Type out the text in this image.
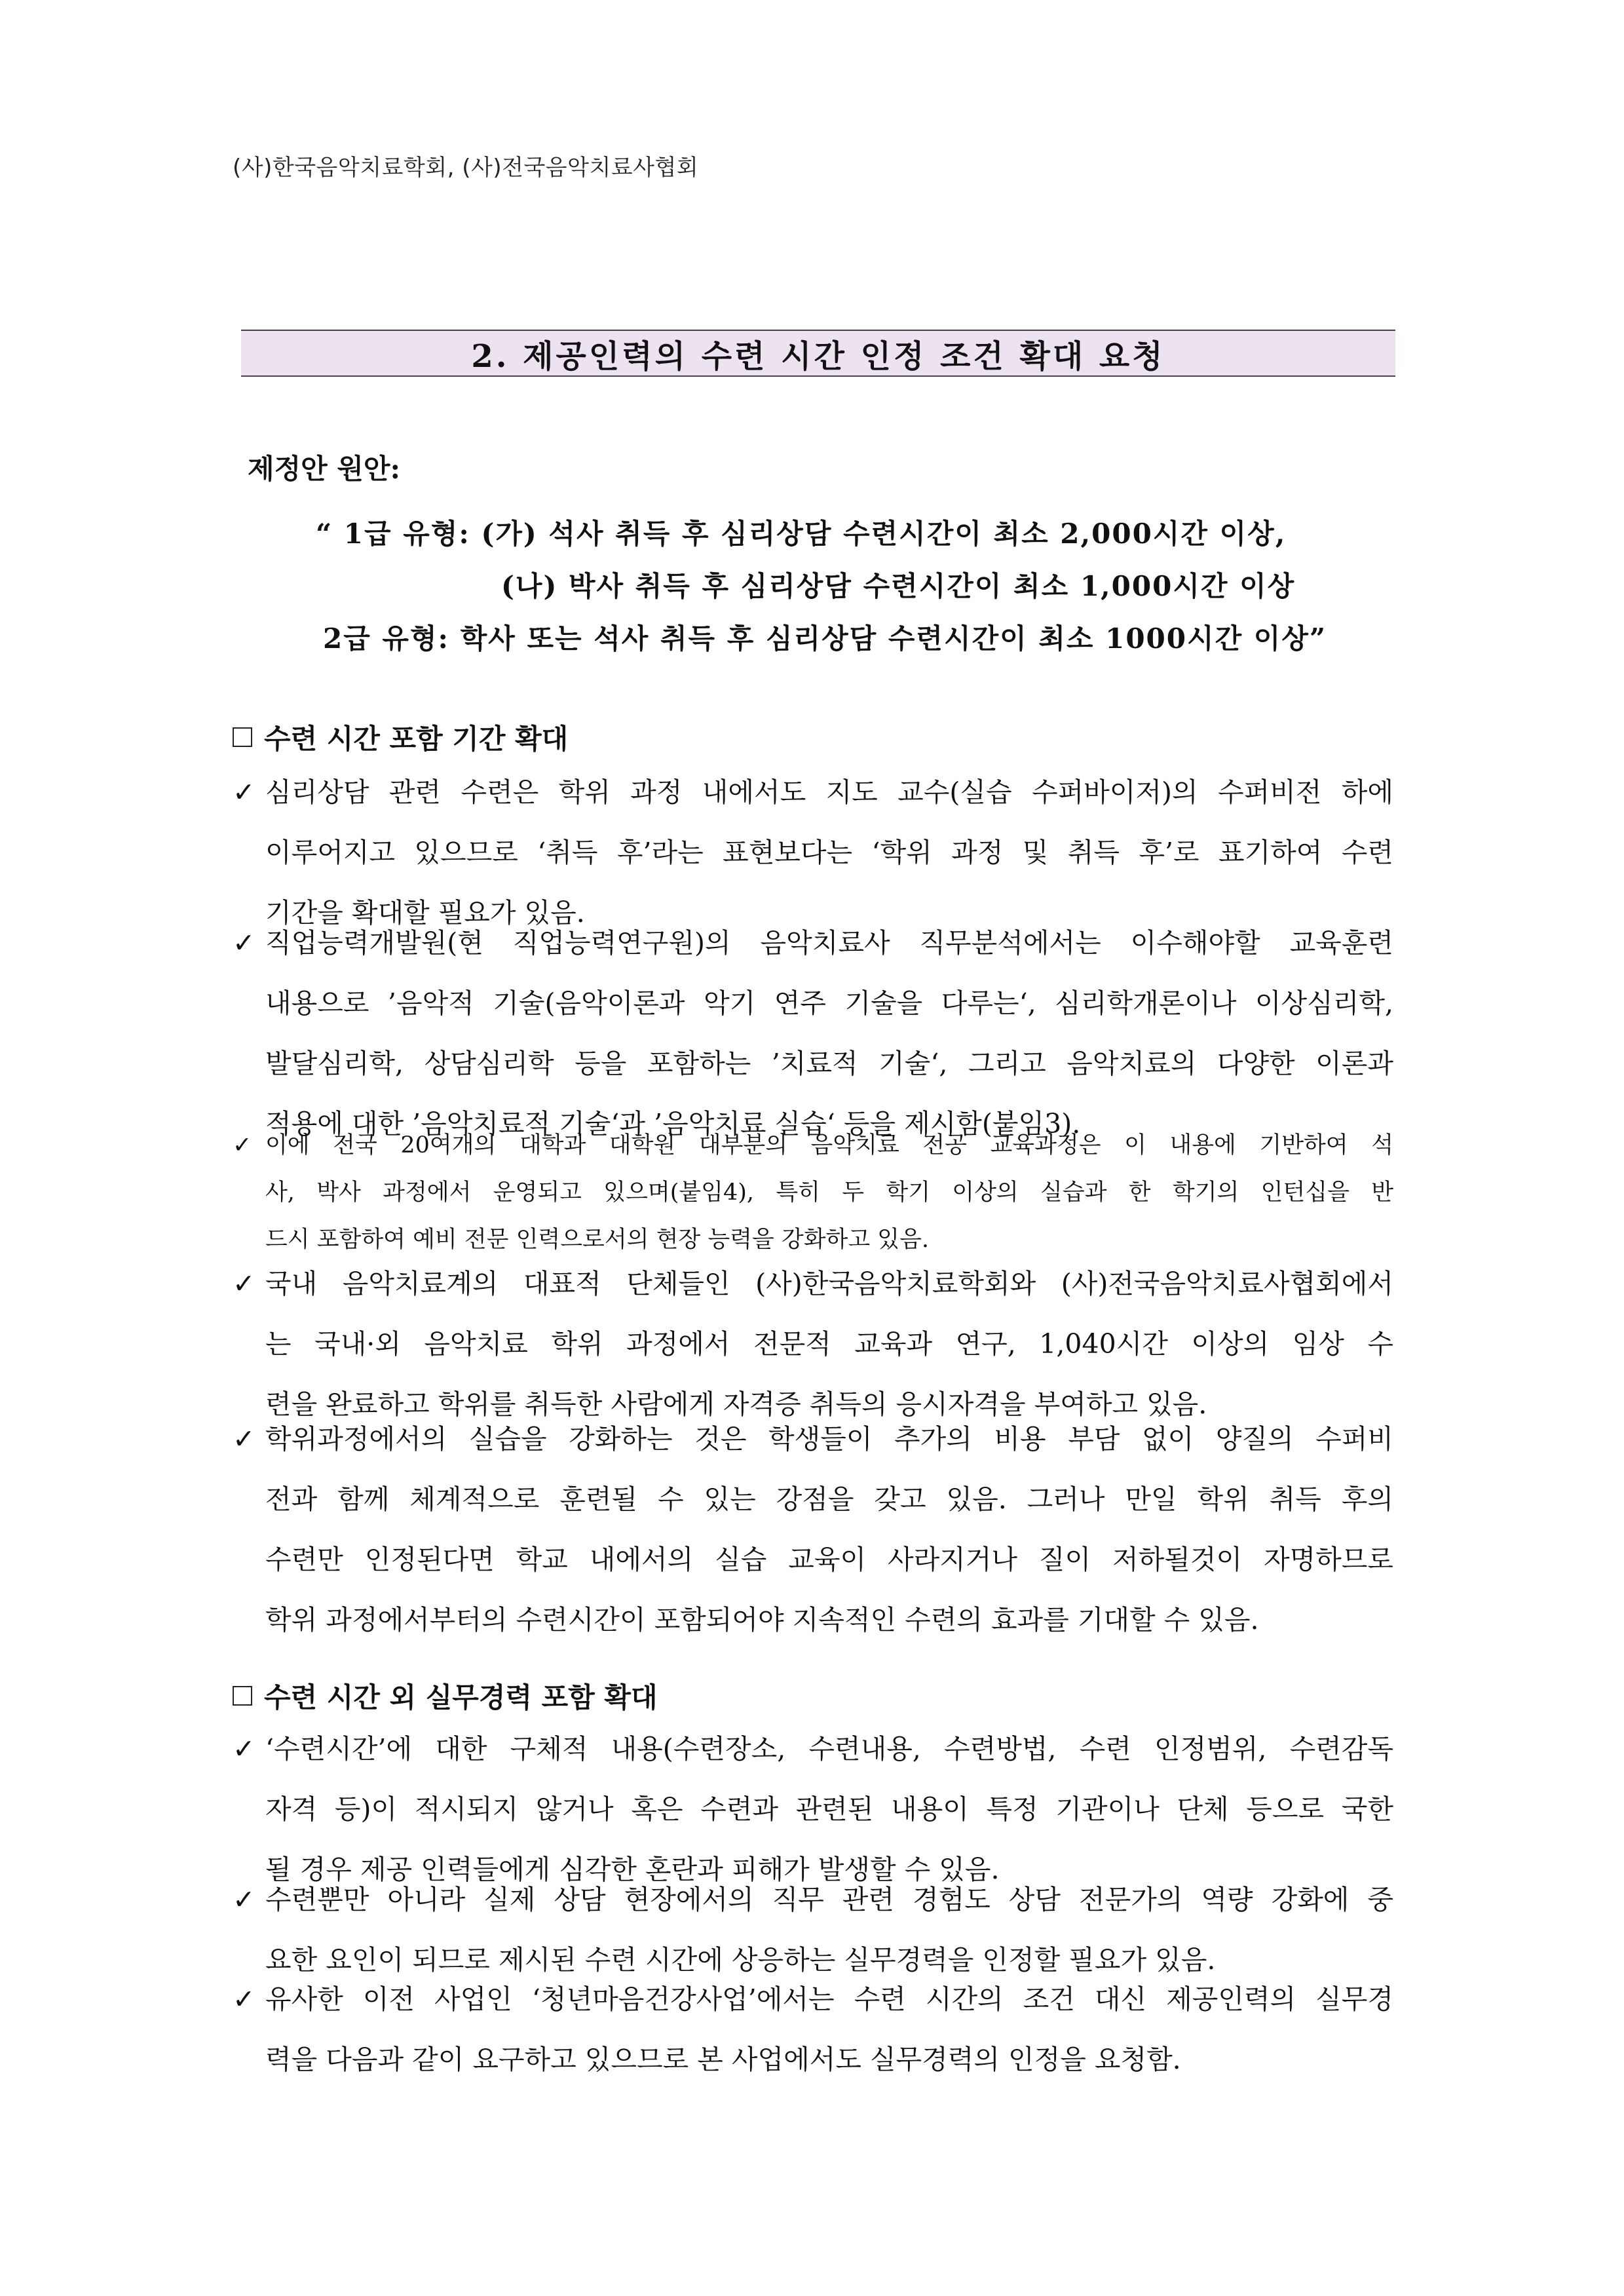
(사)한국음악치료학회, (사)전국음악치료사협회
2. 제공인력의 수련 시간 인정 조건 확대 요청
제정안 원안:
“ 1급 유형: (가) 석사 취득 후 심리상담 수련시간이 최소 2,000시간 이상,
(나) 박사 취득 후 심리상담 수련시간이 최소 1,000시간 이상
2급 유형: 학사 또는 석사 취득 후 심리상담 수련시간이 최소 1000시간 이상”
수련 시간 포함 기간 확대
✓ 심리상담 관련 수련은 학위 과정 내에서도 지도 교수(실습 수퍼바이저)의 수퍼비전 하에
이루어지고 있으므로 ‘취득 후’라는 표현보다는 ‘학위 과정 및 취득 후’로 표기하여 수련
기간을 확대할 필요가 있음.
✓ 직업능력개발원(현 직업능력연구원)의 음악치료사 직무분석에서는 이수해야할 교육훈련
내용으로 ’음악적 기술(음악이론과 악기 연주 기술을 다루는‘, 심리학개론이나 이상심리학,
발달심리학, 상담심리학 등을 포함하는 ’치료적 기술‘, 그리고 음악치료의 다양한 이론과
적용에 대한 ’음악치료적 기술‘과 ’음악치료 실습‘ 등을 제시함(붙임3).
✓ 이에 전국 20여개의 대학과 대학원 대부분의 음악치료 전공 교육과정은 이 내용에 기반하여 석
사, 박사 과정에서 운영되고 있으며(붙임4), 특히 두 학기 이상의 실습과 한 학기의 인턴십을 반
드시 포함하여 예비 전문 인력으로서의 현장 능력을 강화하고 있음.
✓ 국내 음악치료계의 대표적 단체들인 (사)한국음악치료학회와 (사)전국음악치료사협회에서
는 국내·외 음악치료 학위 과정에서 전문적 교육과 연구, 1,040시간 이상의 임상 수
련을 완료하고 학위를 취득한 사람에게 자격증 취득의 응시자격을 부여하고 있음.
✓ 학위과정에서의 실습을 강화하는 것은 학생들이 추가의 비용 부담 없이 양질의 수퍼비
전과 함께 체계적으로 훈련될 수 있는 강점을 갖고 있음. 그러나 만일 학위 취득 후의
수련만 인정된다면 학교 내에서의 실습 교육이 사라지거나 질이 저하될것이 자명하므로
학위 과정에서부터의 수련시간이 포함되어야 지속적인 수련의 효과를 기대할 수 있음.
수련 시간 외 실무경력 포함 확대
✓ ‘수련시간’에 대한 구체적 내용(수련장소, 수련내용, 수련방법, 수련 인정범위, 수련감독
자격 등)이 적시되지 않거나 혹은 수련과 관련된 내용이 특정 기관이나 단체 등으로 국한
될 경우 제공 인력들에게 심각한 혼란과 피해가 발생할 수 있음.
✓ 수련뿐만 아니라 실제 상담 현장에서의 직무 관련 경험도 상담 전문가의 역량 강화에 중
요한 요인이 되므로 제시된 수련 시간에 상응하는 실무경력을 인정할 필요가 있음.
✓ 유사한 이전 사업인 ‘청년마음건강사업’에서는 수련 시간의 조건 대신 제공인력의 실무경
력을 다음과 같이 요구하고 있으므로 본 사업에서도 실무경력의 인정을 요청함.
